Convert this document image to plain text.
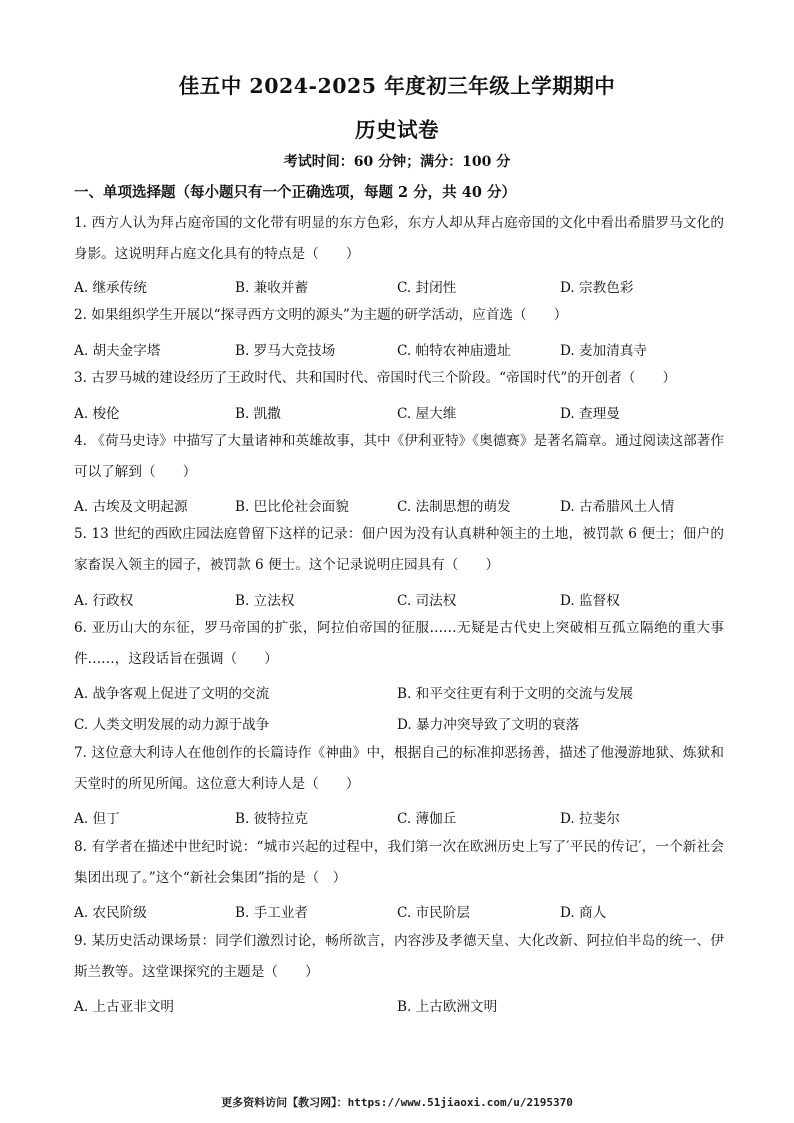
佳五中 2024-2025 年度初三年级上学期期中
历史试卷
考试时间：60 分钟；满分：100 分
一、单项选择题（每小题只有一个正确选项，每题 2 分，共 40 分）
1. 西方人认为拜占庭帝国的文化带有明显的东方色彩，东方人却从拜占庭帝国的文化中看出希腊罗马文化的身影。这说明拜占庭文化具有的特点是（　　）
A. 继承传统	B. 兼收并蓄	C. 封闭性	D. 宗教色彩
2. 如果组织学生开展以“探寻西方文明的源头”为主题的研学活动，应首选（　　）
A. 胡夫金字塔	B. 罗马大竞技场	C. 帕特农神庙遗址	D. 麦加清真寺
3. 古罗马城的建设经历了王政时代、共和国时代、帝国时代三个阶段。“帝国时代”的开创者（　　）
A. 梭伦	B. 凯撒	C. 屋大维	D. 查理曼
4. 《荷马史诗》中描写了大量诸神和英雄故事，其中《伊利亚特》《奥德赛》是著名篇章。通过阅读这部著作可以了解到（　　）
A. 古埃及文明起源	B. 巴比伦社会面貌	C. 法制思想的萌发	D. 古希腊风土人情
5. 13 世纪的西欧庄园法庭曾留下这样的记录：佃户因为没有认真耕种领主的土地，被罚款 6 便士；佃户的家畜误入领主的园子，被罚款 6 便士。这个记录说明庄园具有（　　）
A. 行政权	B. 立法权	C. 司法权	D. 监督权
6. 亚历山大的东征，罗马帝国的扩张，阿拉伯帝国的征服……无疑是古代史上突破相互孤立隔绝的重大事件……，这段话旨在强调（　　）
A. 战争客观上促进了文明的交流	B. 和平交往更有利于文明的交流与发展
C. 人类文明发展的动力源于战争	D. 暴力冲突导致了文明的衰落
7. 这位意大利诗人在他创作的长篇诗作《神曲》中，根据自己的标准抑恶扬善，描述了他漫游地狱、炼狱和天堂时的所见所闻。这位意大利诗人是（　　）
A. 但丁	B. 彼特拉克	C. 薄伽丘	D. 拉斐尔
8. 有学者在描述中世纪时说：“城市兴起的过程中，我们第一次在欧洲历史上写了′平民的传记′，一个新社会集团出现了。”这个“新社会集团”指的是（　）
A. 农民阶级	B. 手工业者	C. 市民阶层	D. 商人
9. 某历史活动课场景：同学们激烈讨论，畅所欲言，内容涉及孝德天皇、大化改新、阿拉伯半岛的统一、伊斯兰教等。这堂课探究的主题是（　　）
A. 上古亚非文明	B. 上古欧洲文明
更多资料访问【教习网】：https://www.51jiaoxi.com/u/2195370
